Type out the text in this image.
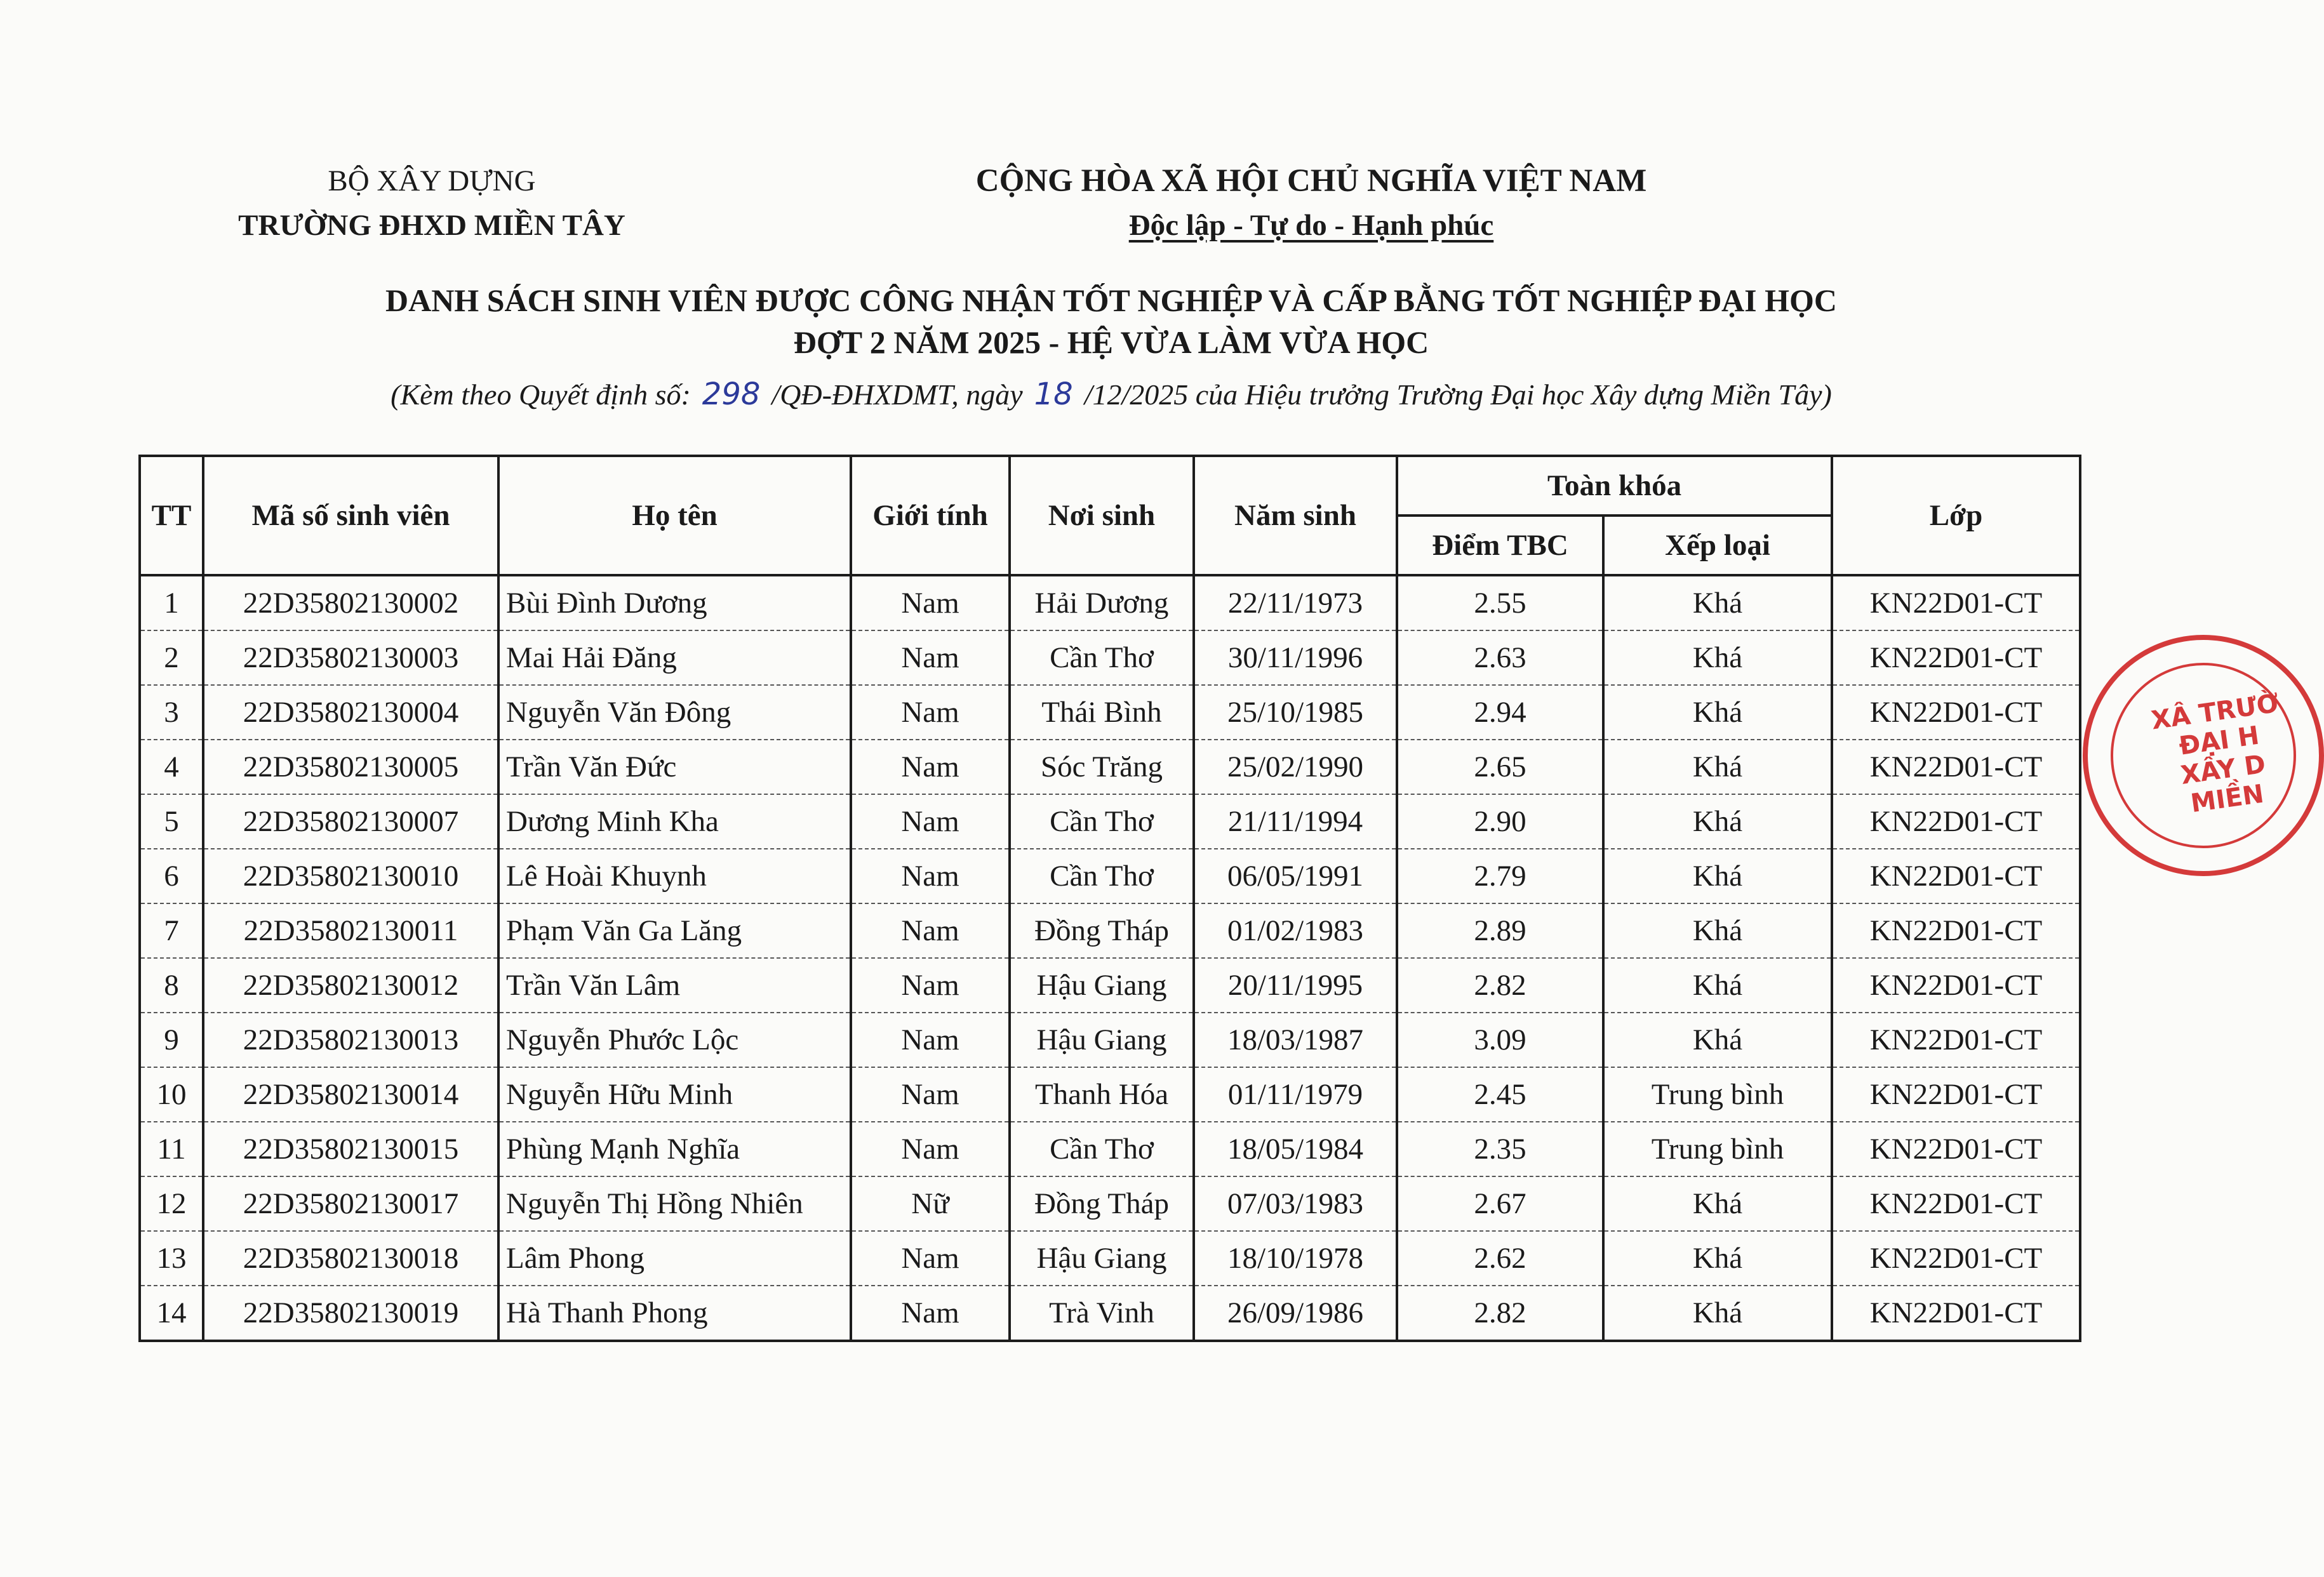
BỘ XÂY DỰNG
TRƯỜNG ĐHXD MIỀN TÂY
CỘNG HÒA XÃ HỘI CHỦ NGHĨA VIỆT NAM
Độc lập - Tự do - Hạnh phúc
DANH SÁCH SINH VIÊN ĐƯỢC CÔNG NHẬN TỐT NGHIỆP VÀ CẤP BẰNG TỐT NGHIỆP ĐẠI HỌC
ĐỢT 2 NĂM 2025 - HỆ VỪA LÀM VỪA HỌC
(Kèm theo Quyết định số: 298 /QĐ-ĐHXDMT, ngày 18 /12/2025 của Hiệu trưởng Trường Đại học Xây dựng Miền Tây)
TT	Mã số sinh viên	Họ tên	Giới tính	Nơi sinh	Năm sinh	Toàn khóa		Lớp
						Điểm TBC	Xếp loại	
1	22D35802130002	Bùi Đình Dương	Nam	Hải Dương	22/11/1973	2.55	Khá	KN22D01-CT
2	22D35802130003	Mai Hải Đăng	Nam	Cần Thơ	30/11/1996	2.63	Khá	KN22D01-CT
3	22D35802130004	Nguyễn Văn Đông	Nam	Thái Bình	25/10/1985	2.94	Khá	KN22D01-CT
4	22D35802130005	Trần Văn Đức	Nam	Sóc Trăng	25/02/1990	2.65	Khá	KN22D01-CT
5	22D35802130007	Dương Minh Kha	Nam	Cần Thơ	21/11/1994	2.90	Khá	KN22D01-CT
6	22D35802130010	Lê Hoài Khuynh	Nam	Cần Thơ	06/05/1991	2.79	Khá	KN22D01-CT
7	22D35802130011	Phạm Văn Ga Lăng	Nam	Đồng Tháp	01/02/1983	2.89	Khá	KN22D01-CT
8	22D35802130012	Trần Văn Lâm	Nam	Hậu Giang	20/11/1995	2.82	Khá	KN22D01-CT
9	22D35802130013	Nguyễn Phước Lộc	Nam	Hậu Giang	18/03/1987	3.09	Khá	KN22D01-CT
10	22D35802130014	Nguyễn Hữu Minh	Nam	Thanh Hóa	01/11/1979	2.45	Trung bình	KN22D01-CT
11	22D35802130015	Phùng Mạnh Nghĩa	Nam	Cần Thơ	18/05/1984	2.35	Trung bình	KN22D01-CT
12	22D35802130017	Nguyễn Thị Hồng Nhiên	Nữ	Đồng Tháp	07/03/1983	2.67	Khá	KN22D01-CT
13	22D35802130018	Lâm Phong	Nam	Hậu Giang	18/10/1978	2.62	Khá	KN22D01-CT
14	22D35802130019	Hà Thanh Phong	Nam	Trà Vinh	26/09/1986	2.82	Khá	KN22D01-CT
XÂ TRƯỜ ĐẠI H XÂY D MIỀN
